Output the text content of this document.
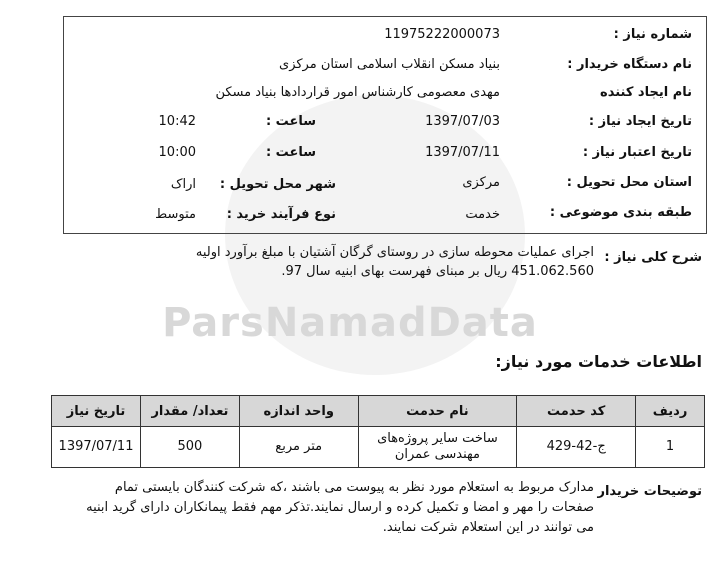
ParsNamadData
شماره نیاز :
11975222000073
نام دستگاه خریدار :
بنیاد مسکن انقلاب اسلامی استان مرکزی
نام ایجاد کننده
مهدی معصومی کارشناس امور قراردادها بنیاد مسکن
تاریخ ایجاد نیاز :
1397/07/03
ساعت :
10:42
تاریخ اعتبار نیاز :
1397/07/11
ساعت :
10:00
استان محل تحویل :
مرکزی
شهر محل تحویل :
اراک
طبقه بندی موضوعی :
خدمت
نوع فرآیند خرید :
متوسط
شرح کلی نیاز :
اجرای عملیات محوطه سازی در روستای گرگان آشتیان با مبلغ برآورد اولیه 451.062.560 ریال بر مبنای فهرست بهای ابنیه سال 97.
اطلاعات خدمات مورد نیاز:
ردیف	کد حدمت	نام حدمت	واحد اندازه	تعداد/ مقدار	تاریخ نیاز
1	ج-42-429	ساخت سایر پروژه‌های مهندسی عمران	متر مربع	500	1397/07/11
توضیحات خریدار
مدارک مربوط به استعلام مورد نظر به پیوست می باشند ،که شرکت کنندگان بایستی تمام صفحات را مهر و امضا و تکمیل کرده و ارسال نمایند.تذکر مهم فقط پیمانکاران دارای گرید ابنیه می توانند در این استعلام شرکت نمایند.
